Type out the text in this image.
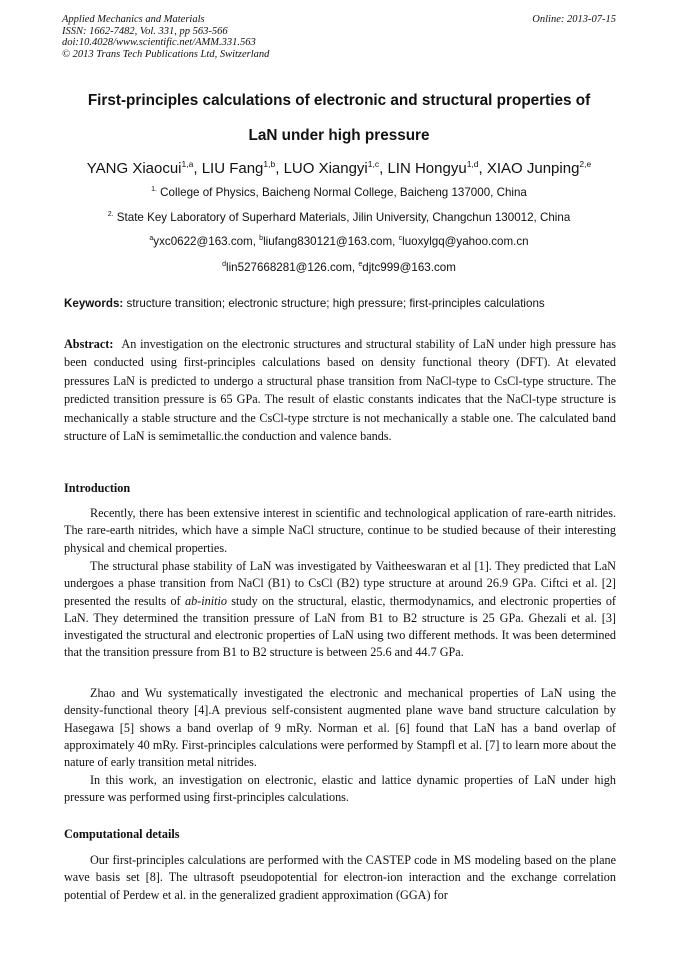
Applied Mechanics and Materials
ISSN: 1662-7482, Vol. 331, pp 563-566
doi:10.4028/www.scientific.net/AMM.331.563
© 2013 Trans Tech Publications Ltd, Switzerland
Online: 2013-07-15
First-principles calculations of electronic and structural properties of
LaN under high pressure
YANG Xiaocui$^{1,a}$, LIU Fang$^{1,b}$, LUO Xiangyi$^{1,c}$, LIN Hongyu$^{1,d}$, XIAO Junping$^{2,e}$
$^{1.}$ College of Physics, Baicheng Normal College, Baicheng 137000, China
$^{2.}$ State Key Laboratory of Superhard Materials, Jilin University, Changchun 130012, China
$^a$yxc0622@163.com, $^b$liufang830121@163.com, $^c$luoxylgq@yahoo.com.cn
$^d$lin527668281@126.com, $^e$djtc999@163.com
Keywords: structure transition; electronic structure; high pressure; first-principles calculations

Abstract: An investigation on the electronic structures and structural stability of LaN under high pressure has been conducted using first-principles calculations based on density functional theory (DFT). At elevated pressures LaN is predicted to undergo a structural phase transition from NaCl-type to CsCl-type structure. The predicted transition pressure is 65 GPa. The result of elastic constants indicates that the NaCl-type structure is mechanically a stable structure and the CsCl-type strcture is not mechanically a stable one. The calculated band structure of LaN is semimetallic.the conduction and valence bands.

Introduction

Recently, there has been extensive interest in scientific and technological application of rare-earth nitrides. The rare-earth nitrides, which have a simple NaCl structure, continue to be studied because of their interesting physical and chemical properties.

The structural phase stability of LaN was investigated by Vaitheeswaran et al [1]. They predicted that LaN undergoes a phase transition from NaCl (B1) to CsCl (B2) type structure at around 26.9 GPa. Ciftci et al. [2] presented the results of ab-initio study on the structural, elastic, thermodynamics, and electronic properties of LaN. They determined the transition pressure of LaN from B1 to B2 structure is 25 GPa. Ghezali et al. [3] investigated the structural and electronic properties of LaN using two different methods. It was been determined that the transition pressure from B1 to B2 structure is between 25.6 and 44.7 GPa.

Zhao and Wu systematically investigated the electronic and mechanical properties of LaN using the density-functional theory [4].A previous self-consistent augmented plane wave band structure calculation by Hasegawa [5] shows a band overlap of 9 mRy. Norman et al. [6] found that LaN has a band overlap of approximately 40 mRy. First-principles calculations were performed by Stampfl et al. [7] to learn more about the nature of early transition metal nitrides.

In this work, an investigation on electronic, elastic and lattice dynamic properties of LaN under high pressure was performed using first-principles calculations.

Computational details

Our first-principles calculations are performed with the CASTEP code in MS modeling based on the plane wave basis set [8]. The ultrasoft pseudopotential for electron-ion interaction and the exchange correlation potential of Perdew et al. in the generalized gradient approximation (GGA) for
